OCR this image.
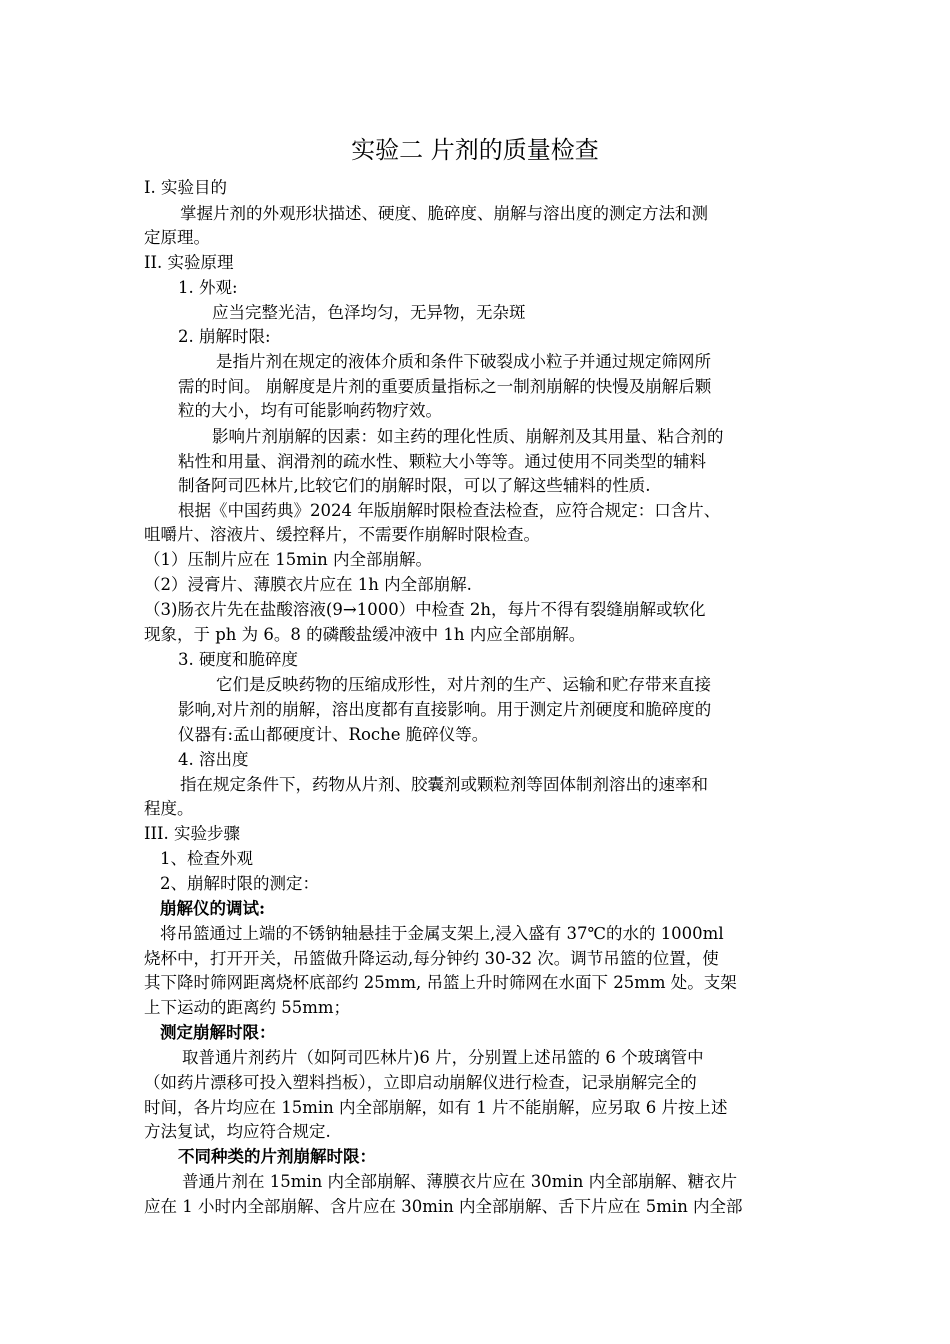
实验二 片剂的质量检查
I. 实验目的
掌握片剂的外观形状描述、硬度、脆碎度、崩解与溶出度的测定方法和测
定原理。
II. 实验原理
1. 外观:
应当完整光洁，色泽均匀，无异物，无杂斑
2. 崩解时限:
是指片剂在规定的液体介质和条件下破裂成小粒子并通过规定筛网所
需的时间。 崩解度是片剂的重要质量指标之一制剂崩解的快慢及崩解后颗
粒的大小，均有可能影响药物疗效。
影响片剂崩解的因素：如主药的理化性质、崩解剂及其用量、粘合剂的
粘性和用量、润滑剂的疏水性、颗粒大小等等。通过使用不同类型的辅料
制备阿司匹林片,比较它们的崩解时限，可以了解这些辅料的性质.
根据《中国药典》2024 年版崩解时限检查法检查，应符合规定：口含片、
咀嚼片、溶液片、缓控释片，不需要作崩解时限检查。
（1）压制片应在 15min 内全部崩解。
（2）浸膏片、薄膜衣片应在 1h 内全部崩解.
（3)肠衣片先在盐酸溶液(9→1000）中检查 2h，每片不得有裂缝崩解或软化
现象，于 ph 为 6。8 的磷酸盐缓冲液中 1h 内应全部崩解。
3. 硬度和脆碎度
它们是反映药物的压缩成形性，对片剂的生产、运输和贮存带来直接
影响,对片剂的崩解，溶出度都有直接影响。用于测定片剂硬度和脆碎度的
仪器有:孟山都硬度计、Roche 脆碎仪等。
4. 溶出度
指在规定条件下，药物从片剂、胶囊剂或颗粒剂等固体制剂溶出的速率和
程度。
III. 实验步骤
1、检查外观
2、崩解时限的测定：
崩解仪的调试:
将吊篮通过上端的不锈钠轴悬挂于金属支架上,浸入盛有 37℃的水的 1000ml
烧杯中，打开开关，吊篮做升降运动,每分钟约 30-32 次。调节吊篮的位置，使
其下降时筛网距离烧杯底部约 25mm, 吊篮上升时筛网在水面下 25mm 处。支架
上下运动的距离约 55mm；
测定崩解时限：
取普通片剂药片（如阿司匹林片)6 片，分别置上述吊篮的 6 个玻璃管中
（如药片漂移可投入塑料挡板），立即启动崩解仪进行检查，记录崩解完全的
时间，各片均应在 15min 内全部崩解，如有 1 片不能崩解，应另取 6 片按上述
方法复试，均应符合规定.
不同种类的片剂崩解时限：
普通片剂在 15min 内全部崩解、薄膜衣片应在 30min 内全部崩解、糖衣片
应在 1 小时内全部崩解、含片应在 30min 内全部崩解、舌下片应在 5min 内全部
